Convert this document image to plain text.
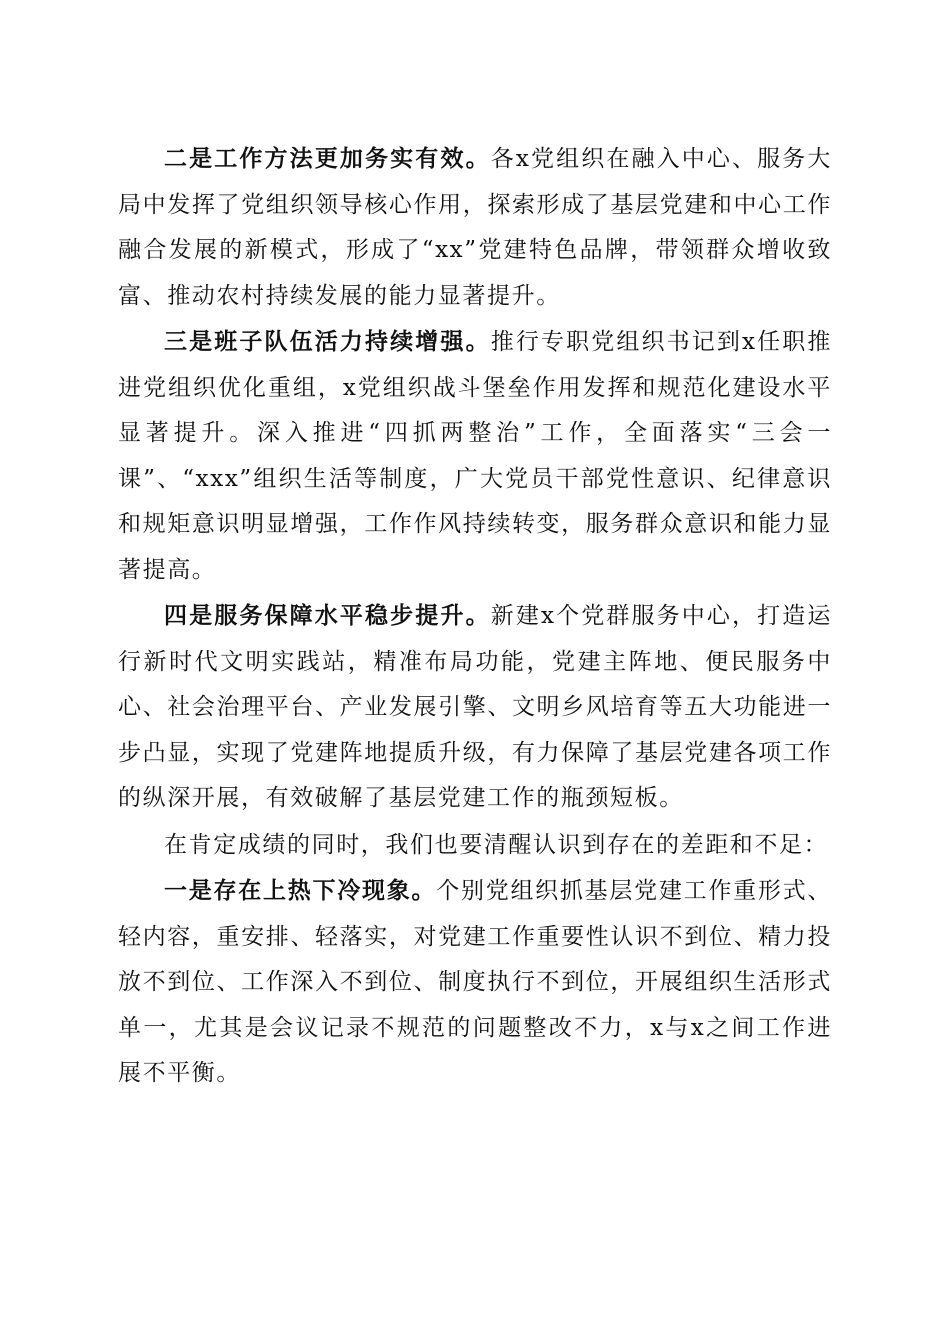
二是工作方法更加务实有效。各x党组织在融入中心、服务大局中发挥了党组织领导核心作用，探索形成了基层党建和中心工作融合发展的新模式，形成了“xx”党建特色品牌，带领群众增收致富、推动农村持续发展的能力显著提升。

三是班子队伍活力持续增强。推行专职党组织书记到x任职推进党组织优化重组，x党组织战斗堡垒作用发挥和规范化建设水平显著提升。深入推进“四抓两整治”工作，全面落实“三会一课”、“xxx”组织生活等制度，广大党员干部党性意识、纪律意识和规矩意识明显增强，工作作风持续转变，服务群众意识和能力显著提高。

四是服务保障水平稳步提升。新建x个党群服务中心，打造运行新时代文明实践站，精准布局功能，党建主阵地、便民服务中心、社会治理平台、产业发展引擎、文明乡风培育等五大功能进一步凸显，实现了党建阵地提质升级，有力保障了基层党建各项工作的纵深开展，有效破解了基层党建工作的瓶颈短板。

在肯定成绩的同时，我们也要清醒认识到存在的差距和不足：

一是存在上热下冷现象。个别党组织抓基层党建工作重形式、轻内容，重安排、轻落实，对党建工作重要性认识不到位、精力投放不到位、工作深入不到位、制度执行不到位，开展组织生活形式单一，尤其是会议记录不规范的问题整改不力，x与x之间工作进展不平衡。
